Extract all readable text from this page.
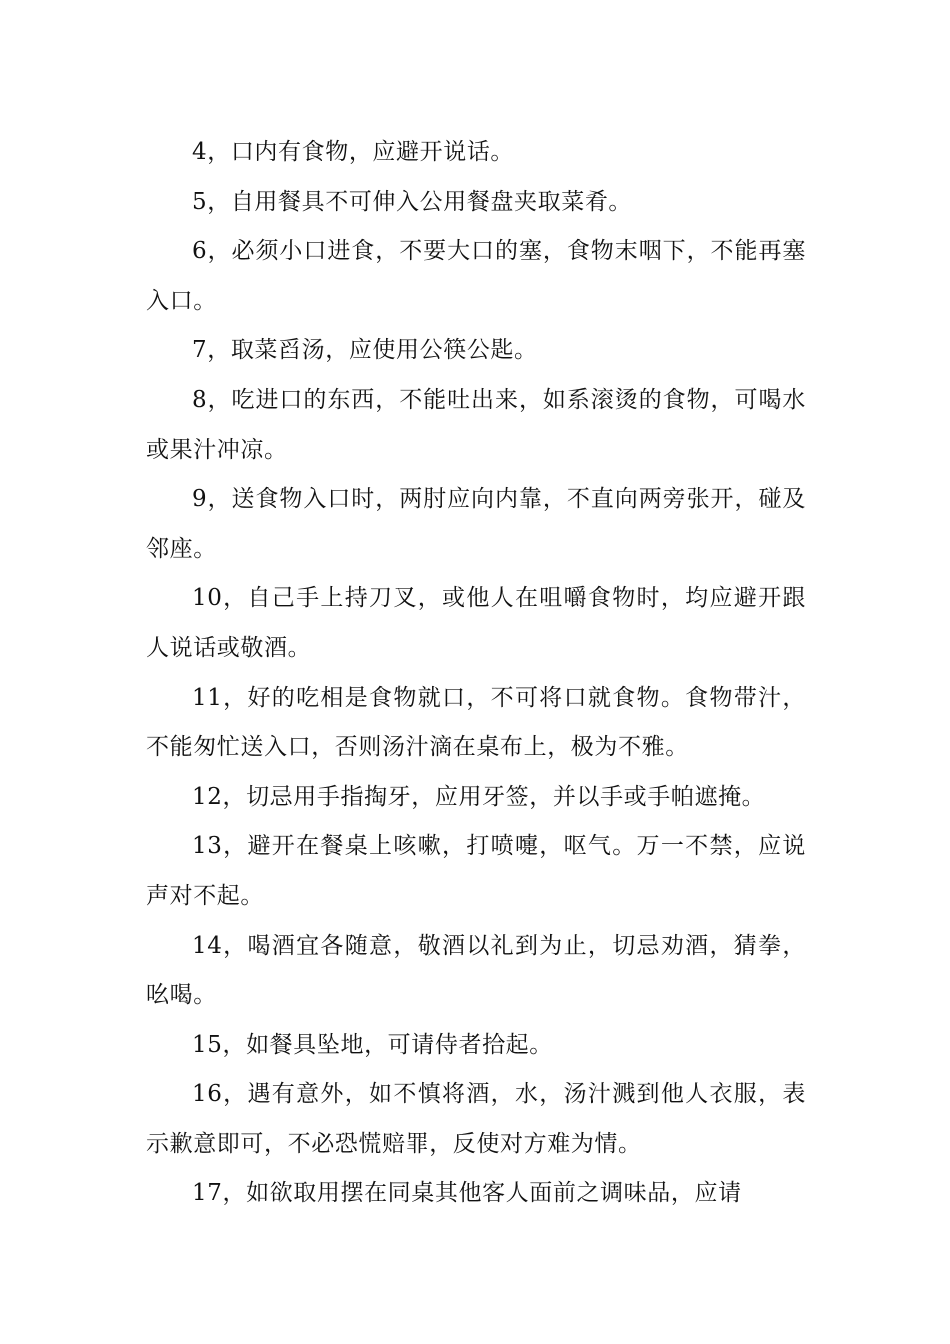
4，口内有食物，应避开说话。

5，自用餐具不可伸入公用餐盘夹取菜肴。

6，必须小口进食，不要大口的塞，食物末咽下，不能再塞入口。

7，取菜舀汤，应使用公筷公匙。

8，吃进口的东西，不能吐出来，如系滚烫的食物，可喝水或果汁冲凉。

9，送食物入口时，两肘应向内靠，不直向两旁张开，碰及邻座。

10，自己手上持刀叉，或他人在咀嚼食物时，均应避开跟人说话或敬酒。

11，好的吃相是食物就口，不可将口就食物。食物带汁，不能匆忙送入口，否则汤汁滴在桌布上，极为不雅。

12，切忌用手指掏牙，应用牙签，并以手或手帕遮掩。

13，避开在餐桌上咳嗽，打喷嚏，呕气。万一不禁，应说声对不起。

14，喝酒宜各随意，敬酒以礼到为止，切忌劝酒，猜拳，吆喝。

15，如餐具坠地，可请侍者拾起。

16，遇有意外，如不慎将酒，水，汤汁溅到他人衣服，表示歉意即可，不必恐慌赔罪，反使对方难为情。

17，如欲取用摆在同桌其他客人面前之调味品，应请
